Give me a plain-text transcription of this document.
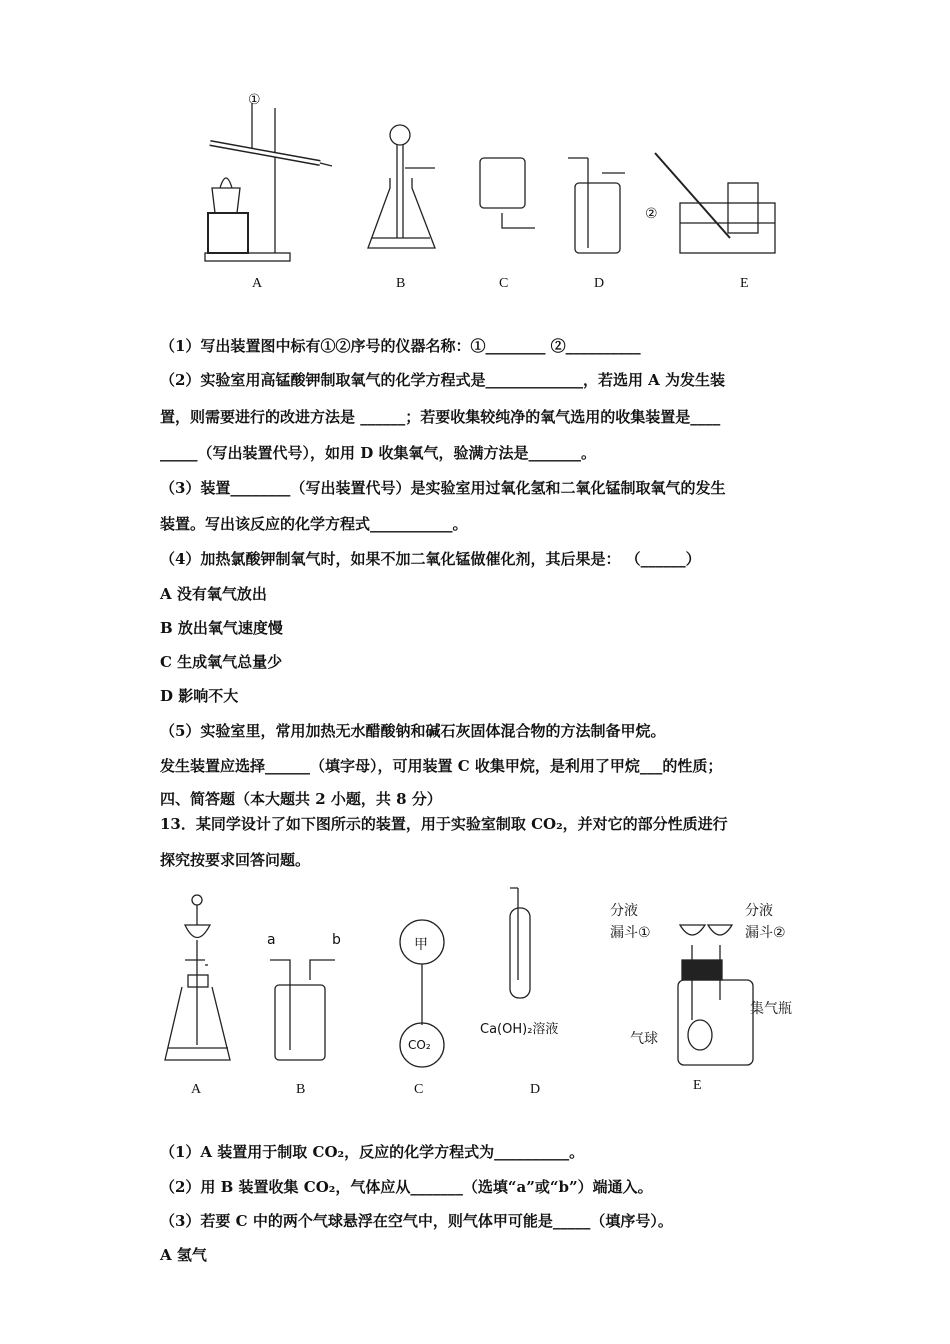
A	B	C	D	E
①
②
（1）写出装置图中标有①②序号的仪器名称：①________ ②__________
（2）实验室用高锰酸钾制取氧气的化学方程式是_____________，若选用 A 为发生装
置，则需要进行的改进方法是 ______；若要收集较纯净的氧气选用的收集装置是____
_____（写出装置代号），如用 D 收集氧气，验满方法是_______。
（3）装置________（写出装置代号）是实验室用过氧化氢和二氧化锰制取氧气的发生
装置。写出该反应的化学方程式___________。
（4）加热氯酸钾制氧气时，如果不加二氧化锰做催化剂，其后果是： （______）
A 没有氧气放出
B 放出氧气速度慢
C 生成氧气总量少
D 影响不大
（5）实验室里，常用加热无水醋酸钠和碱石灰固体混合物的方法制备甲烷。
发生装置应选择______（填字母），可用装置 C 收集甲烷，是利用了甲烷___的性质；
四、简答题（本大题共 2 小题，共 8 分）
13．某同学设计了如下图所示的装置，用于实验室制取 CO₂，并对它的部分性质进行
探究按要求回答问题。
A	B	C	D	E
a	b	甲
CO₂
Ca(OH)₂溶液
分液
漏斗①
分液
漏斗②
集气瓶
气球
（1）A 装置用于制取 CO₂，反应的化学方程式为__________。
（2）用 B 装置收集 CO₂，气体应从_______（选填“a”或“b”）端通入。
（3）若要 C 中的两个气球悬浮在空气中，则气体甲可能是_____（填序号）。
A 氢气
